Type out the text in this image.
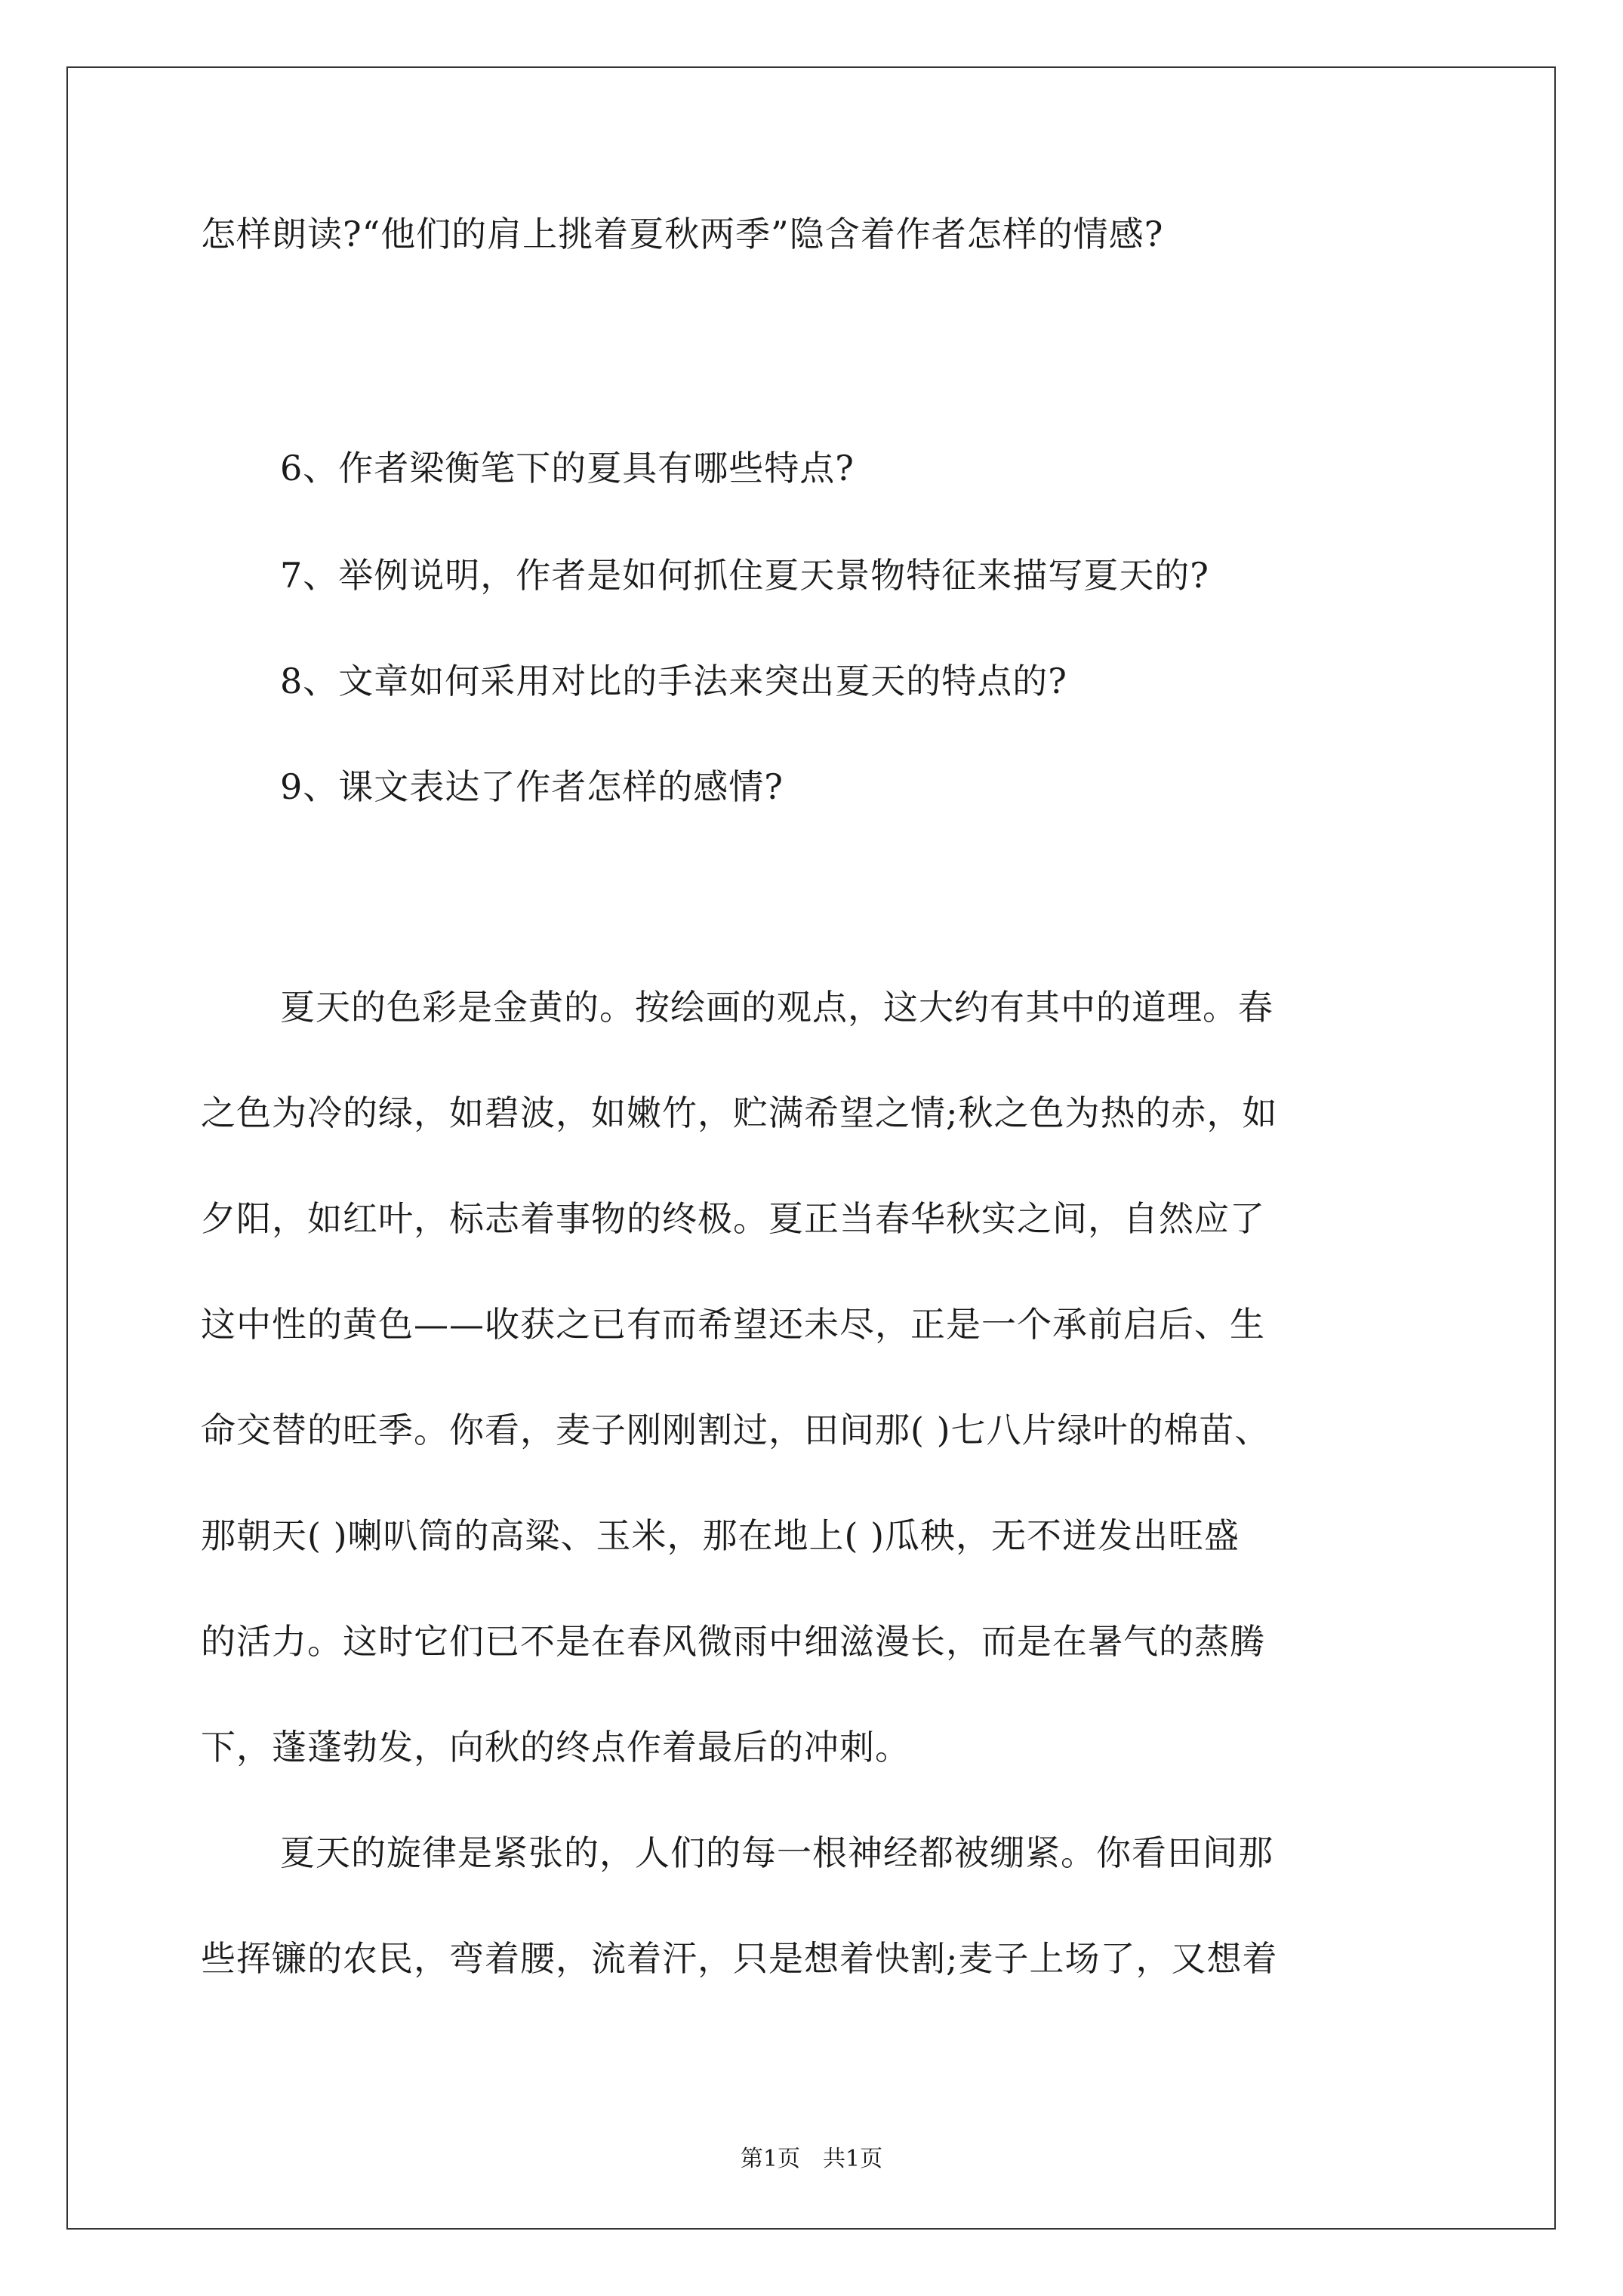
怎样朗读?“他们的肩上挑着夏秋两季”隐含着作者怎样的情感?
6、作者梁衡笔下的夏具有哪些特点?
7、举例说明，作者是如何抓住夏天景物特征来描写夏天的?
8、文章如何采用对比的手法来突出夏天的特点的?
9、课文表达了作者怎样的感情?
夏天的色彩是金黄的。按绘画的观点，这大约有其中的道理。春
之色为冷的绿，如碧波，如嫩竹，贮满希望之情;秋之色为热的赤，如
夕阳，如红叶，标志着事物的终极。夏正当春华秋实之间，自然应了
这中性的黄色——收获之已有而希望还未尽，正是一个承前启后、生
命交替的旺季。你看，麦子刚刚割过，田间那( )七八片绿叶的棉苗、
那朝天( )喇叭筒的高粱、玉米，那在地上( )瓜秧，无不迸发出旺盛
的活力。这时它们已不是在春风微雨中细滋漫长，而是在暑气的蒸腾
下，蓬蓬勃发，向秋的终点作着最后的冲刺。
夏天的旋律是紧张的，人们的每一根神经都被绷紧。你看田间那
些挥镰的农民，弯着腰，流着汗，只是想着快割;麦子上场了，又想着
第1页　共1页
